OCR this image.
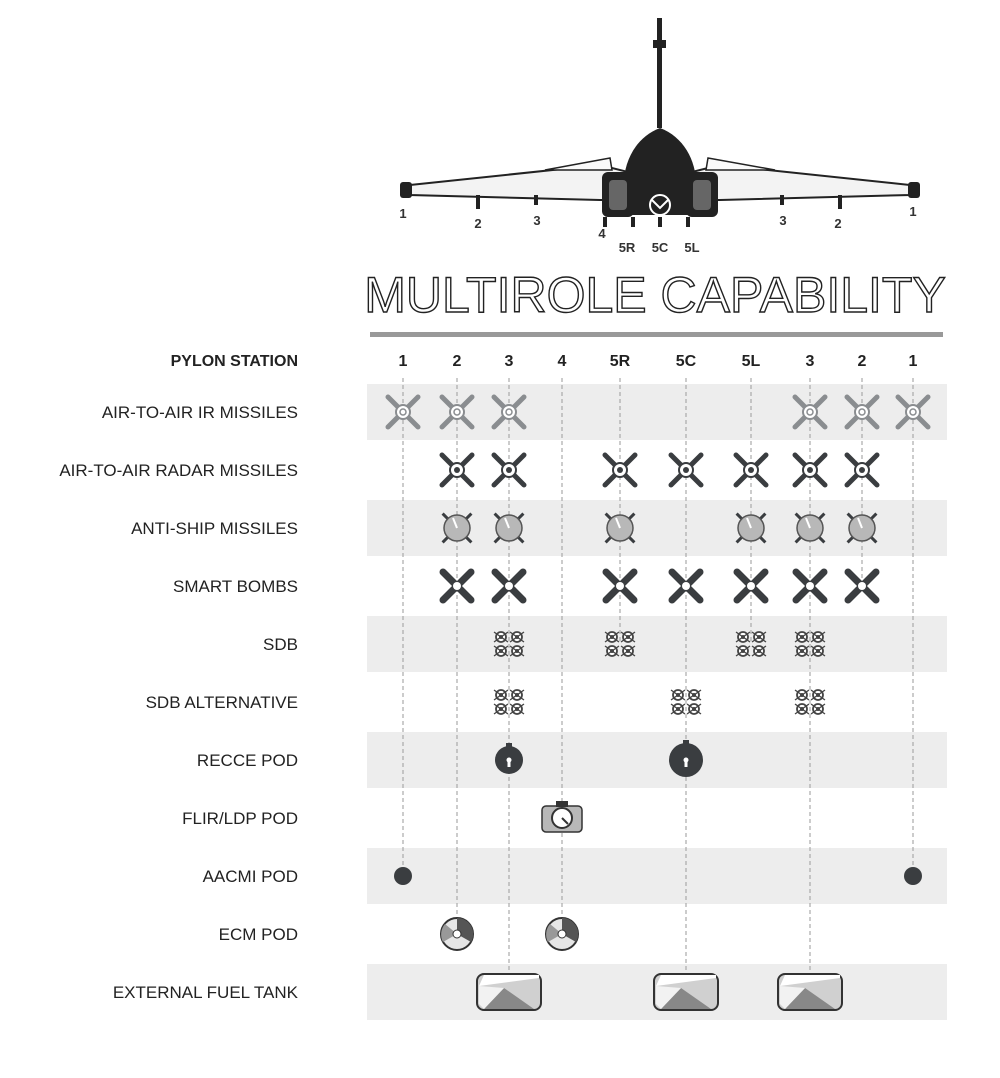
1
2	3
4
5R 5C 5L
3	2
1
MULTIROLE CAPABILITY
PYLON STATION	1	2	3	4	5R	5C	5L	3	2	1
AIR-TO-AIR IR MISSILES
AIR-TO-AIR RADAR MISSILES
ANTI-SHIP MISSILES
SMART BOMBS
SDB
SDB ALTERNATIVE
RECCE POD
FLIR/LDP POD
AACMI POD
ECM POD
EXTERNAL FUEL TANK
